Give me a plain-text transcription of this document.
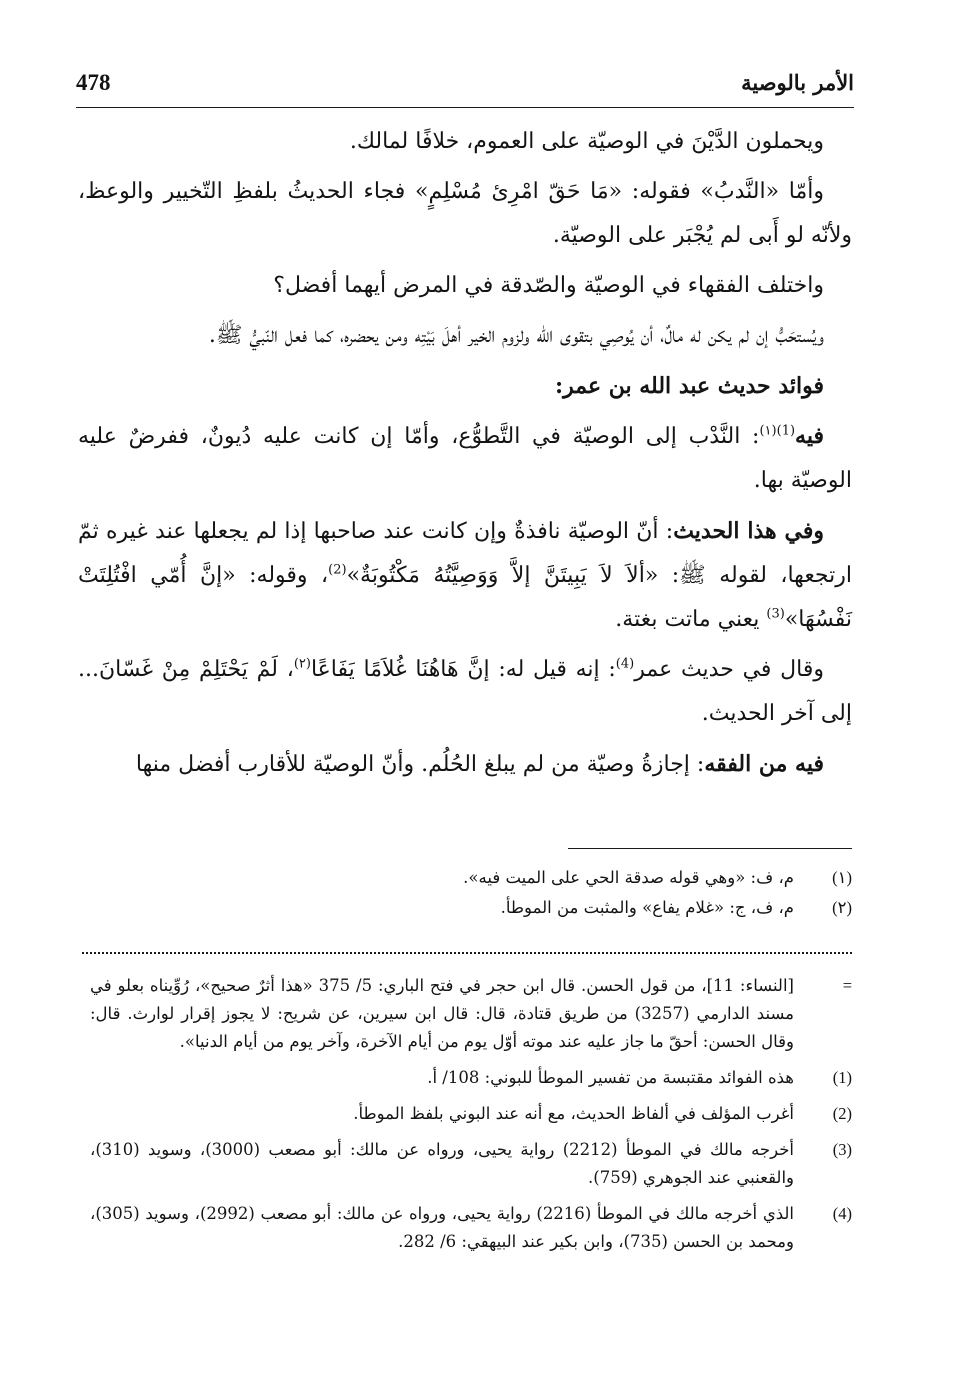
478	الأمر بالوصية

ويحملون الدَّيْنَ في الوصيّة على العموم، خلافًا لمالك.

وأمّا «النَّدبُ» فقوله: «مَا حَقّ امْرِئ مُسْلِمٍ» فجاء الحديثُ بلفظِ التّخيير والوعظ، ولأنّه لو أَبى لم يُجْبَر على الوصيّة.

واختلف الفقهاء في الوصيّة والصّدقة في المرض أيهما أفضل؟

ويُستحَبُّ إن لم يكن له مالٌ، أن يُوصِي بتقوى الله ولزوم الخير أهلَ بَيْتِه ومن يحضره، كما فعل النّبيُّ ﷺ.

فوائد حديث عبد الله بن عمر:

فيه$^{(1)(١)}$: النَّدْب إلى الوصيّة في التَّطوُّع، وأمّا إن كانت عليه دُيونٌ، ففرضٌ عليه الوصيّة بها.

وفي هذا الحديث: أنّ الوصيّة نافذةٌ وإن كانت عند صاحبها إذا لم يجعلها عند غيره ثمّ ارتجعها، لقوله ﷺ: «ألاَ لاَ يَبِيتَنَّ إلاَّ وَوَصِيَّتُهُ مَكْتُوبَةٌ»$^{(2)}$، وقوله: «إنَّ أُمّي افْتُلِتَتْ نَفْسُهَا»$^{(3)}$ يعني ماتت بغتة.

وقال في حديث عمر$^{(4)}$: إنه قيل له: إنَّ هَاهُنَا غُلاَمًا يَفَاعًا$^{(٢)}$، لَمْ يَحْتَلِمْ مِنْ غَسّانَ... إلى آخر الحديث.

فيه من الفقه: إجازةُ وصيّة من لم يبلغ الحُلُم. وأنّ الوصيّة للأقارب أفضل منها

(١)
م، ف: «وهي قوله صدقة الحي على الميت فيه».
(٢)
م، ف، ج: «غلام يفاع» والمثبت من الموطأ.
=
[النساء: 11]، من قول الحسن. قال ابن حجر في فتح الباري: 5/ 375 «هذا أثرٌ صحيح»، رُوِّيناه بعلو في مسند الدارمي (3257) من طريق قتادة، قال: قال ابن سيرين، عن شريح: لا يجوز إقرار لوارث. قال: وقال الحسن: أحقّ ما جاز عليه عند موته أوّل يوم من أيام الآخرة، وآخر يوم من أيام الدنيا».
(1)
هذه الفوائد مقتبسة من تفسير الموطأ للبوني: 108/ أ.
(2)
أغرب المؤلف في ألفاظ الحديث، مع أنه عند البوني بلفظ الموطأ.
(3)
أخرجه مالك في الموطأ (2212) رواية يحيى، ورواه عن مالك: أبو مصعب (3000)، وسويد (310)، والقعنبي عند الجوهري (759).
(4)
الذي أخرجه مالك في الموطأ (2216) رواية يحيى، ورواه عن مالك: أبو مصعب (2992)، وسويد (305)، ومحمد بن الحسن (735)، وابن بكير عند البيهقي: 6/ 282.
